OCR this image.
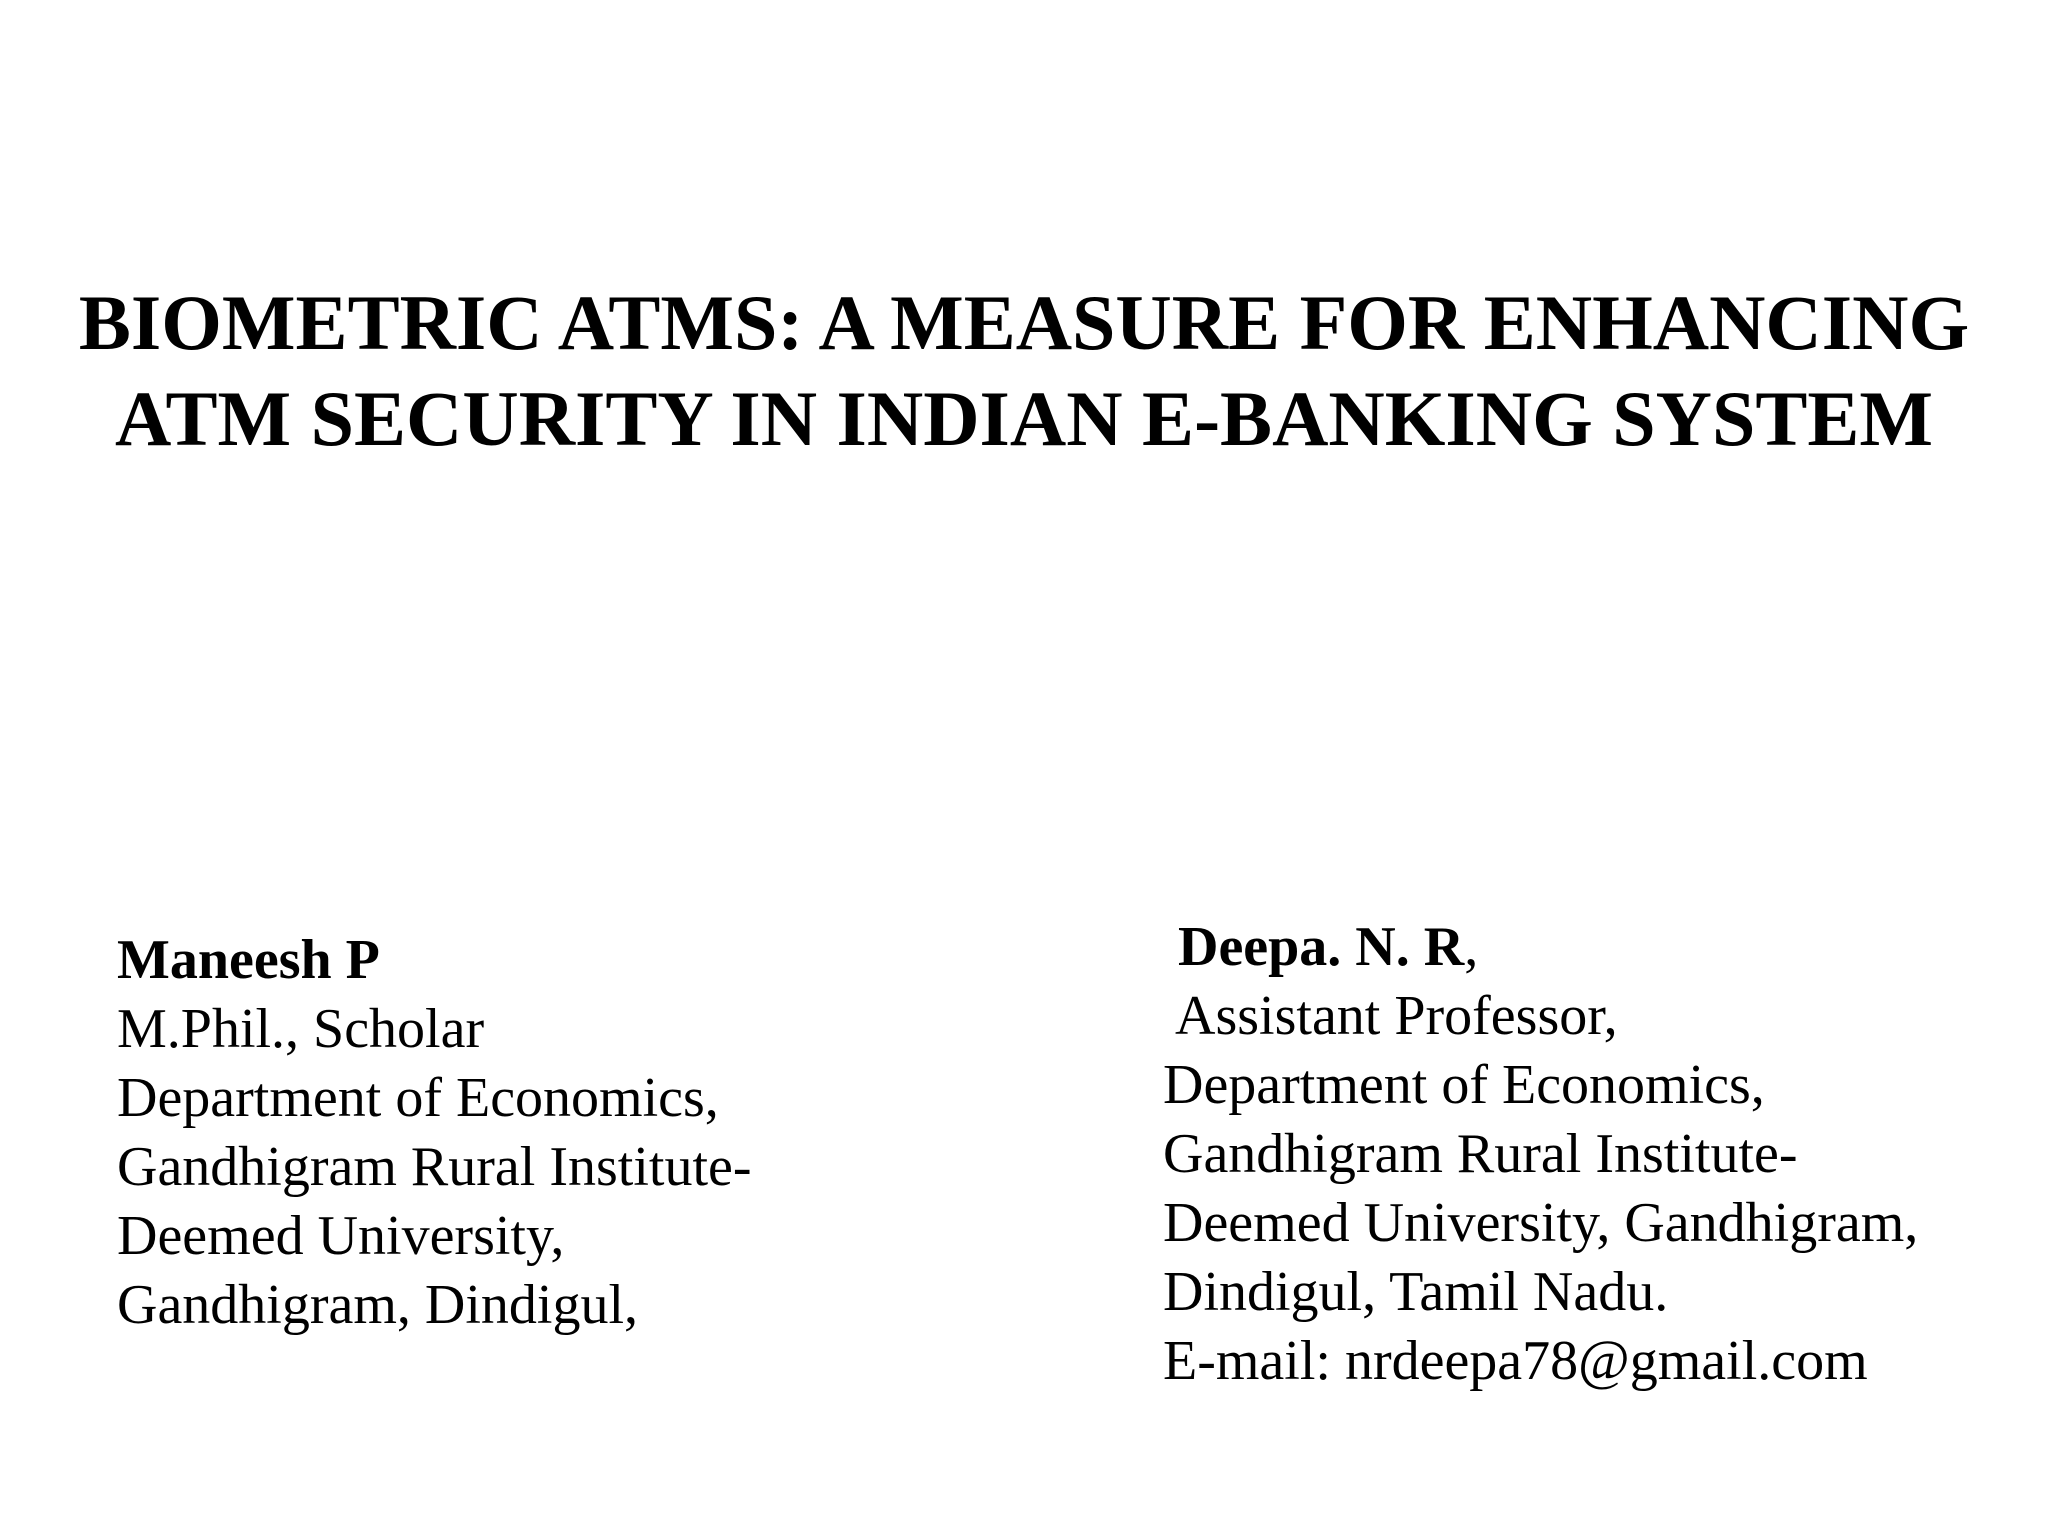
BIOMETRIC ATMS: A MEASURE FOR ENHANCING
ATM SECURITY IN INDIAN E-BANKING SYSTEM
Maneesh P
M.Phil., Scholar
Department of Economics,
Gandhigram Rural Institute-
Deemed University,
Gandhigram, Dindigul,
Deepa. N. R,
Assistant Professor,
Department of Economics,
Gandhigram Rural Institute-
Deemed University, Gandhigram,
Dindigul, Tamil Nadu.
E-mail: nrdeepa78@gmail.com
